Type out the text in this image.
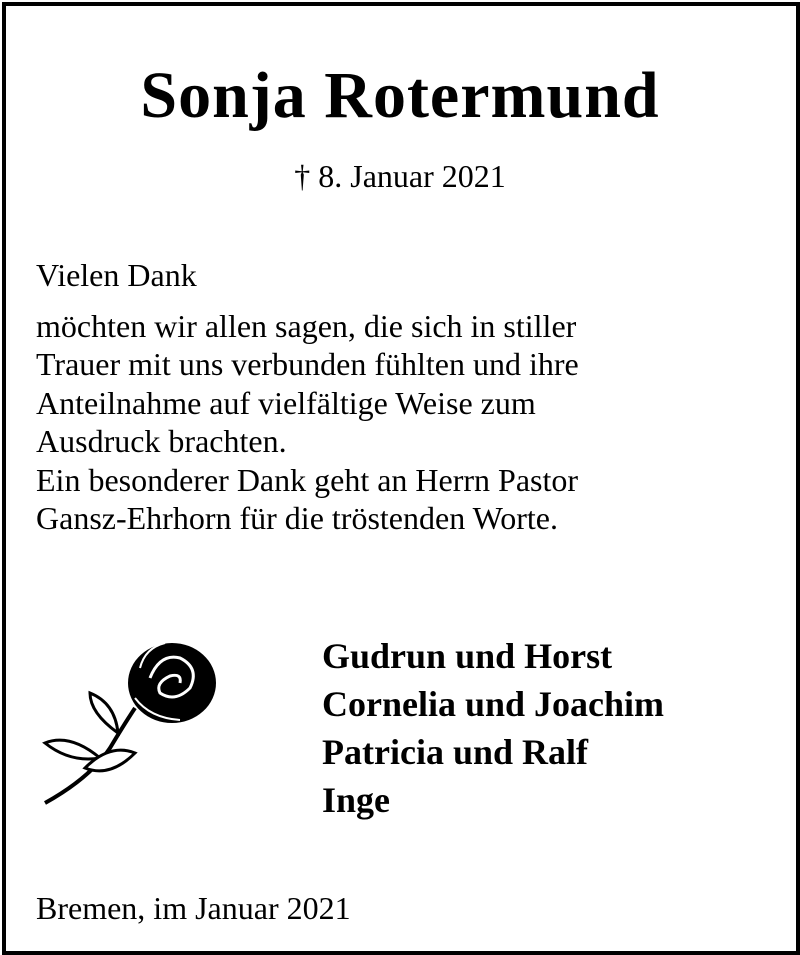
Sonja Rotermund
† 8. Januar 2021

Vielen Dank

möchten wir allen sagen, die sich in stiller

Trauer mit uns verbunden fühlten und ihre

Anteilnahme auf vielfältige Weise zum

Ausdruck brachten.

Ein besonderer Dank geht an Herrn Pastor

Gansz-Ehrhorn für die tröstenden Worte.

Gudrun und Horst
Cornelia und Joachim
Patricia und Ralf
Inge
Bremen, im Januar 2021
